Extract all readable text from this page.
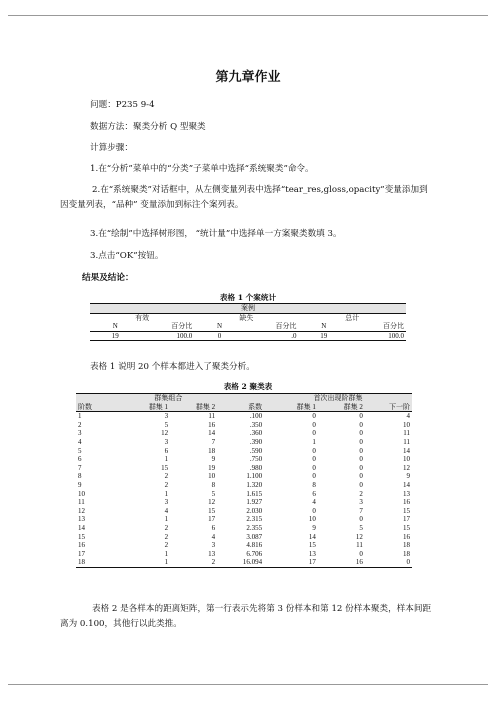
第九章作业
问题：P235 9-4
数据方法：聚类分析 Q 型聚类
计算步骤：
1.在“分析”菜单中的“分类”子菜单中选择“系统聚类”命令。
2.在“系统聚类”对话框中，从左侧变量列表中选择“tear_res,gloss,opacity”变量添加到因变量列表，“品种” 变量添加到标注个案列表。
3.在“绘制”中选择树形图， “统计量”中选择单一方案聚类数填 3。
3.点击“OK”按钮。
结果及结论：
表格 1 个案统计
案例					
有效		缺失		总计	
N	百分比	N	百分比	N	百分比
19	100.0	0	.0	19	100.0
表格 1 说明 20 个样本都进入了聚类分析。
表格 2 聚类表
	群集组合			首次出现阶群集		
阶数	群集 1	群集 2	系数	群集 1	群集 2	下一阶
1	3	11	.100	0	0	4
2	5	16	.350	0	0	10
3	12	14	.360	0	0	11
4	3	7	.390	1	0	11
5	6	18	.590	0	0	14
6	1	9	.750	0	0	10
7	15	19	.980	0	0	12
8	2	10	1.100	0	0	9
9	2	8	1.320	8	0	14
10	1	5	1.615	6	2	13
11	3	12	1.927	4	3	16
12	4	15	2.030	0	7	15
13	1	17	2.315	10	0	17
14	2	6	2.355	9	5	15
15	2	4	3.087	14	12	16
16	2	3	4.816	15	11	18
17	1	13	6.706	13	0	18
18	1	2	16.094	17	16	0
表格 2 是各样本的距离矩阵，第一行表示先将第 3 份样本和第 12 份样本聚类，样本间距离为 0.100，其他行以此类推。
